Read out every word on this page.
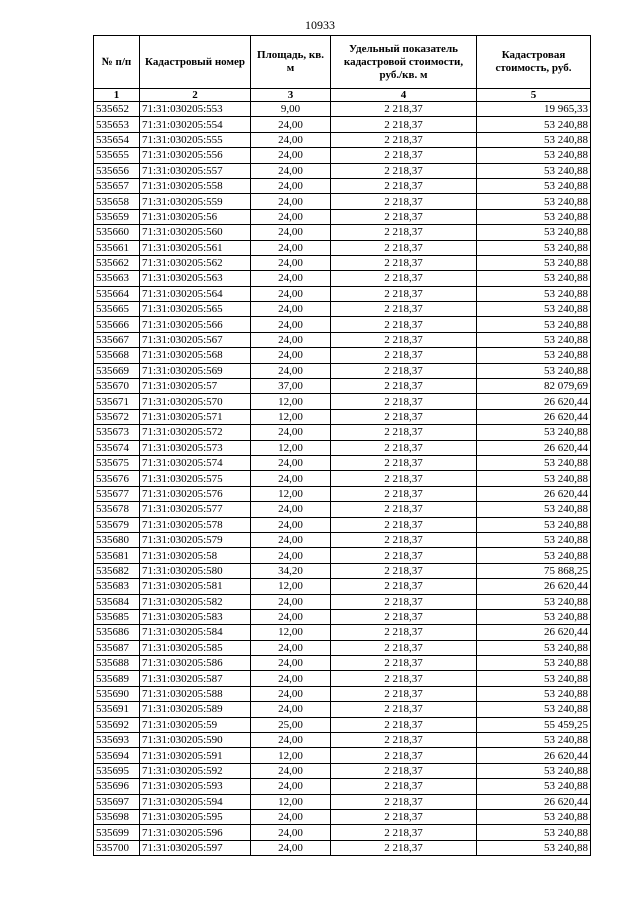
10933
№ п/п	Кадастровый номер	Площадь, кв. м	Удельный показатель кадастровой стоимости, руб./кв. м	Кадастровая стоимость, руб.
1	2	3	4	5
535652	71:31:030205:553	9,00	2 218,37	19 965,33
535653	71:31:030205:554	24,00	2 218,37	53 240,88
535654	71:31:030205:555	24,00	2 218,37	53 240,88
535655	71:31:030205:556	24,00	2 218,37	53 240,88
535656	71:31:030205:557	24,00	2 218,37	53 240,88
535657	71:31:030205:558	24,00	2 218,37	53 240,88
535658	71:31:030205:559	24,00	2 218,37	53 240,88
535659	71:31:030205:56	24,00	2 218,37	53 240,88
535660	71:31:030205:560	24,00	2 218,37	53 240,88
535661	71:31:030205:561	24,00	2 218,37	53 240,88
535662	71:31:030205:562	24,00	2 218,37	53 240,88
535663	71:31:030205:563	24,00	2 218,37	53 240,88
535664	71:31:030205:564	24,00	2 218,37	53 240,88
535665	71:31:030205:565	24,00	2 218,37	53 240,88
535666	71:31:030205:566	24,00	2 218,37	53 240,88
535667	71:31:030205:567	24,00	2 218,37	53 240,88
535668	71:31:030205:568	24,00	2 218,37	53 240,88
535669	71:31:030205:569	24,00	2 218,37	53 240,88
535670	71:31:030205:57	37,00	2 218,37	82 079,69
535671	71:31:030205:570	12,00	2 218,37	26 620,44
535672	71:31:030205:571	12,00	2 218,37	26 620,44
535673	71:31:030205:572	24,00	2 218,37	53 240,88
535674	71:31:030205:573	12,00	2 218,37	26 620,44
535675	71:31:030205:574	24,00	2 218,37	53 240,88
535676	71:31:030205:575	24,00	2 218,37	53 240,88
535677	71:31:030205:576	12,00	2 218,37	26 620,44
535678	71:31:030205:577	24,00	2 218,37	53 240,88
535679	71:31:030205:578	24,00	2 218,37	53 240,88
535680	71:31:030205:579	24,00	2 218,37	53 240,88
535681	71:31:030205:58	24,00	2 218,37	53 240,88
535682	71:31:030205:580	34,20	2 218,37	75 868,25
535683	71:31:030205:581	12,00	2 218,37	26 620,44
535684	71:31:030205:582	24,00	2 218,37	53 240,88
535685	71:31:030205:583	24,00	2 218,37	53 240,88
535686	71:31:030205:584	12,00	2 218,37	26 620,44
535687	71:31:030205:585	24,00	2 218,37	53 240,88
535688	71:31:030205:586	24,00	2 218,37	53 240,88
535689	71:31:030205:587	24,00	2 218,37	53 240,88
535690	71:31:030205:588	24,00	2 218,37	53 240,88
535691	71:31:030205:589	24,00	2 218,37	53 240,88
535692	71:31:030205:59	25,00	2 218,37	55 459,25
535693	71:31:030205:590	24,00	2 218,37	53 240,88
535694	71:31:030205:591	12,00	2 218,37	26 620,44
535695	71:31:030205:592	24,00	2 218,37	53 240,88
535696	71:31:030205:593	24,00	2 218,37	53 240,88
535697	71:31:030205:594	12,00	2 218,37	26 620,44
535698	71:31:030205:595	24,00	2 218,37	53 240,88
535699	71:31:030205:596	24,00	2 218,37	53 240,88
535700	71:31:030205:597	24,00	2 218,37	53 240,88
